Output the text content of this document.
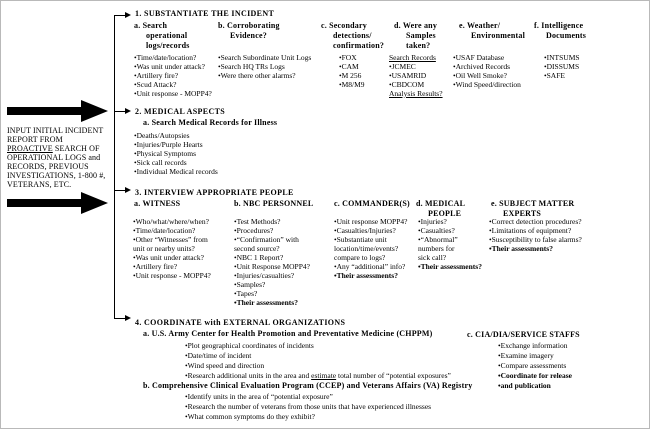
INPUT INITIAL INCIDENT
REPORT FROM
PROACTIVE SEARCH OF
OPERATIONAL LOGS and
RECORDS, PREVIOUS
INVESTIGATIONS, 1-800 #,
VETERANS, ETC.
1. SUBSTANTIATE THE INCIDENT
a. Search
operational
logs/records
•Time/date/location?
•Was unit under attack?
•Artillery fire?
•Scud Attack?
•Unit response - MOPP4?
b. Corroborating
Evidence?
•Search Subordinate Unit Logs
•Search HQ TRs Logs
•Were there other alarms?
c. Secondary
detections/
confirmation?
•FOX
•CAM
•M 256
•M8/M9
d. Were any
Samples
taken?
Search Records
•JCMEC
•USAMRID
•CBDCOM
Analysis Results?
e. Weather/
Environmental
•USAF Database
•Archived Records
•Oil Well Smoke?
•Wind Speed/direction
f. Intelligence
Documents
•INTSUMS
•DISSUMS
•SAFE
2. MEDICAL ASPECTS
a. Search Medical Records for Illness
•Deaths/Autopsies
•Injuries/Purple Hearts
•Physical Symptoms
•Sick call records
•Individual Medical records
3. INTERVIEW APPROPRIATE PEOPLE
a. WITNESS
•Who/what/where/when?
•Time/date/location?
•Other “Witnesses” from
unit or nearby units?
•Was unit under attack?
•Artillery fire?
•Unit response - MOPP4?
b. NBC PERSONNEL
•Test Methods?
•Procedures?
•“Confirmation” with
second source?
•NBC 1 Report?
•Unit Response MOPP4?
•Injuries/casualties?
•Samples?
•Tapes?
•Their assessments?
c. COMMANDER(S)
•Unit response MOPP4?
•Casualties/Injuries?
•Substantiate unit
location/time/events?
compare to logs?
•Any “additional” info?
•Their assessments?
d. MEDICAL
PEOPLE
•Injuries?
•Casualties?
•“Abnormal”
numbers for
sick call?
•Their assessments?
e. SUBJECT MATTER
EXPERTS
•Correct detection procedures?
•Limitations of equipment?
•Susceptibility to false alarms?
•Their assessments?
4. COORDINATE with EXTERNAL ORGANIZATIONS
a. U.S. Army Center for Health Promotion and Preventative Medicine (CHPPM)
•Plot geographical coordinates of incidents
•Date/time of incident
•Wind speed and direction
•Research additional units in the area and estimate total number of “potential exposures”
b. Comprehensive Clinical Evaluation Program (CCEP) and Veterans Affairs (VA) Registry
•Identify units in the area of “potential exposure”
•Research the number of veterans from those units that have experienced illnesses
•What common symptoms do they exhibit?
c. CIA/DIA/SERVICE STAFFS
•Exchange information
•Examine imagery
•Compare assessments
•Coordinate for release
•and publication
